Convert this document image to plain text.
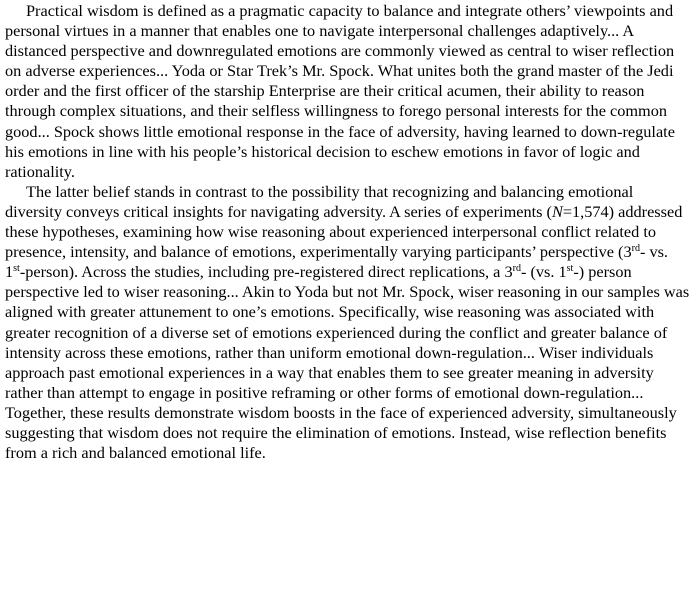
Practical wisdom is defined as a pragmatic capacity to balance and integrate others’ viewpoints and personal virtues in a manner that enables one to navigate interpersonal challenges adaptively... A distanced perspective and downregulated emotions are commonly viewed as central to wiser reflection on adverse experiences... Yoda or Star Trek’s Mr. Spock. What unites both the grand master of the Jedi order and the first officer of the starship Enterprise are their critical acumen, their ability to reason through complex situations, and their selfless willingness to forego personal interests for the common good... Spock shows little emotional response in the face of adversity, having learned to down-regulate his emotions in line with his people’s historical decision to eschew emotions in favor of logic and rationality.

The latter belief stands in contrast to the possibility that recognizing and balancing emotional diversity conveys critical insights for navigating adversity. A series of experiments (N=1,574) addressed these hypotheses, examining how wise reasoning about experienced interpersonal conflict related to presence, intensity, and balance of emotions, experimentally varying participants’ perspective (3rd- vs. 1st-person). Across the studies, including pre-registered direct replications, a 3rd- (vs. 1st-) person perspective led to wiser reasoning... Akin to Yoda but not Mr. Spock, wiser reasoning in our samples was aligned with greater attunement to one’s emotions. Specifically, wise reasoning was associated with greater recognition of a diverse set of emotions experienced during the conflict and greater balance of intensity across these emotions, rather than uniform emotional down-regulation... Wiser individuals approach past emotional experiences in a way that enables them to see greater meaning in adversity rather than attempt to engage in positive reframing or other forms of emotional down-regulation... Together, these results demonstrate wisdom boosts in the face of experienced adversity, simultaneously suggesting that wisdom does not require the elimination of emotions. Instead, wise reflection benefits from a rich and balanced emotional life.
